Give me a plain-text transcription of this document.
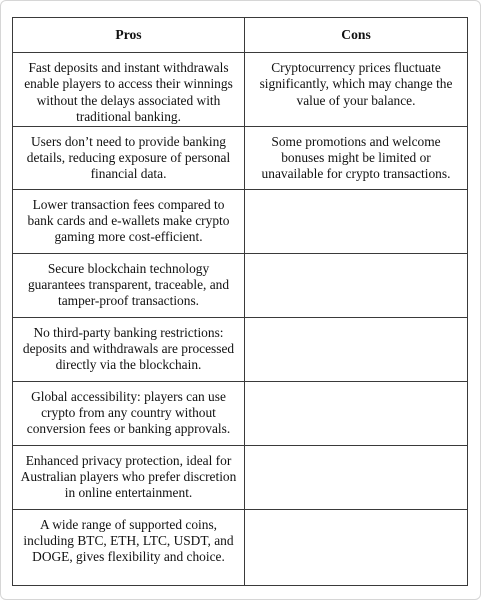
Pros	Cons
Fast deposits and instant withdrawals enable players to access their winnings without the delays associated with traditional banking.	Cryptocurrency prices fluctuate significantly, which may change the value of your balance.
Users don’t need to provide banking details, reducing exposure of personal financial data.	Some promotions and welcome bonuses might be limited or unavailable for crypto transactions.
Lower transaction fees compared to bank cards and e-wallets make crypto gaming more cost-efficient.	
Secure blockchain technology guarantees transparent, traceable, and tamper-proof transactions.	
No third-party banking restrictions: deposits and withdrawals are processed directly via the blockchain.	
Global accessibility: players can use crypto from any country without conversion fees or banking approvals.	
Enhanced privacy protection, ideal for Australian players who prefer discretion in online entertainment.	
A wide range of supported coins, including BTC, ETH, LTC, USDT, and DOGE, gives flexibility and choice.	
